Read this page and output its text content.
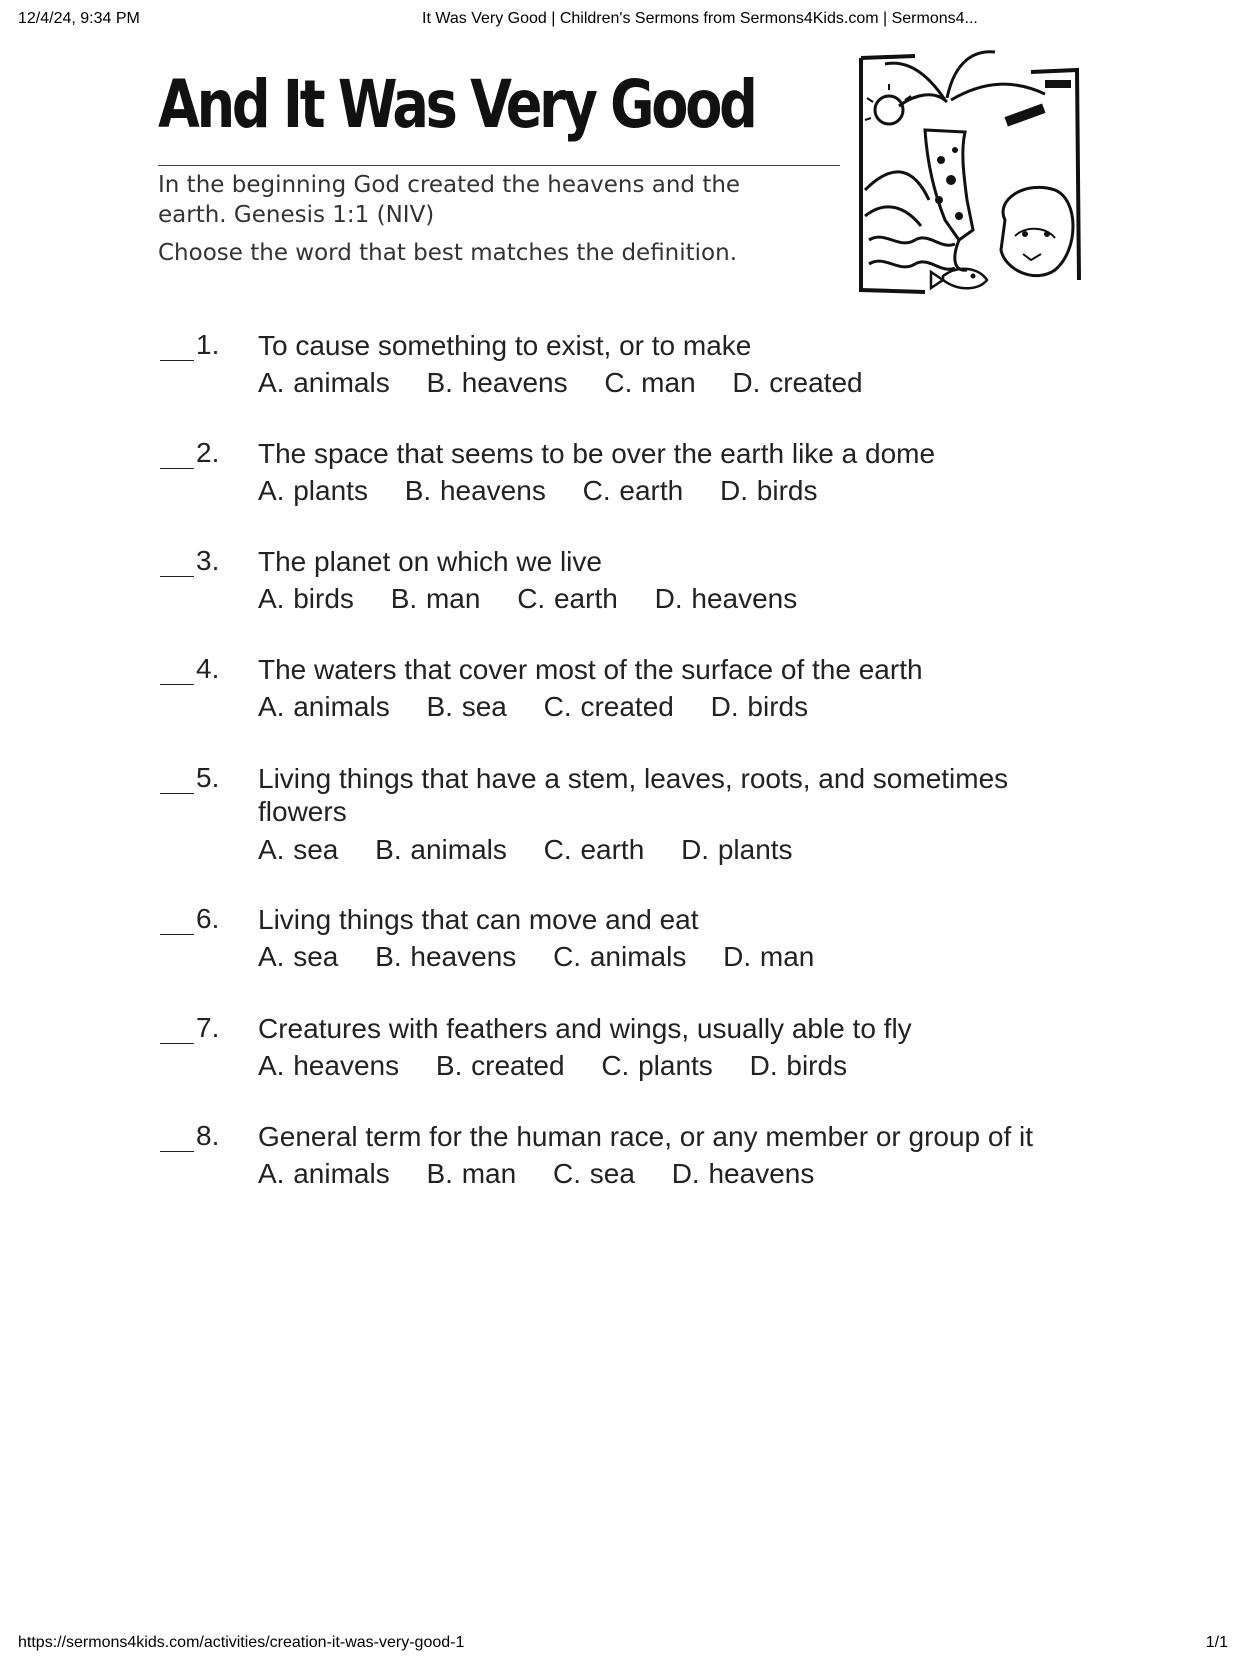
12/4/24, 9:34 PM	It Was Very Good | Children's Sermons from Sermons4Kids.com | Sermons4...
And It Was Very Good
In the beginning God created the heavens and the earth. Genesis 1:1 (NIV)
Choose the word that best matches the definition.
1. To cause something to exist, or to make
A. animals B. heavens C. man D. created
2. The space that seems to be over the earth like a dome
A. plants B. heavens C. earth D. birds
3. The planet on which we live
A. birds B. man C. earth D. heavens
4. The waters that cover most of the surface of the earth
A. animals B. sea C. created D. birds
5. Living things that have a stem, leaves, roots, and sometimes flowers
A. sea B. animals C. earth D. plants
6. Living things that can move and eat
A. sea B. heavens C. animals D. man
7. Creatures with feathers and wings, usually able to fly
A. heavens B. created C. plants D. birds
8. General term for the human race, or any member or group of it
A. animals B. man C. sea D. heavens
https://sermons4kids.com/activities/creation-it-was-very-good-1	1/1
